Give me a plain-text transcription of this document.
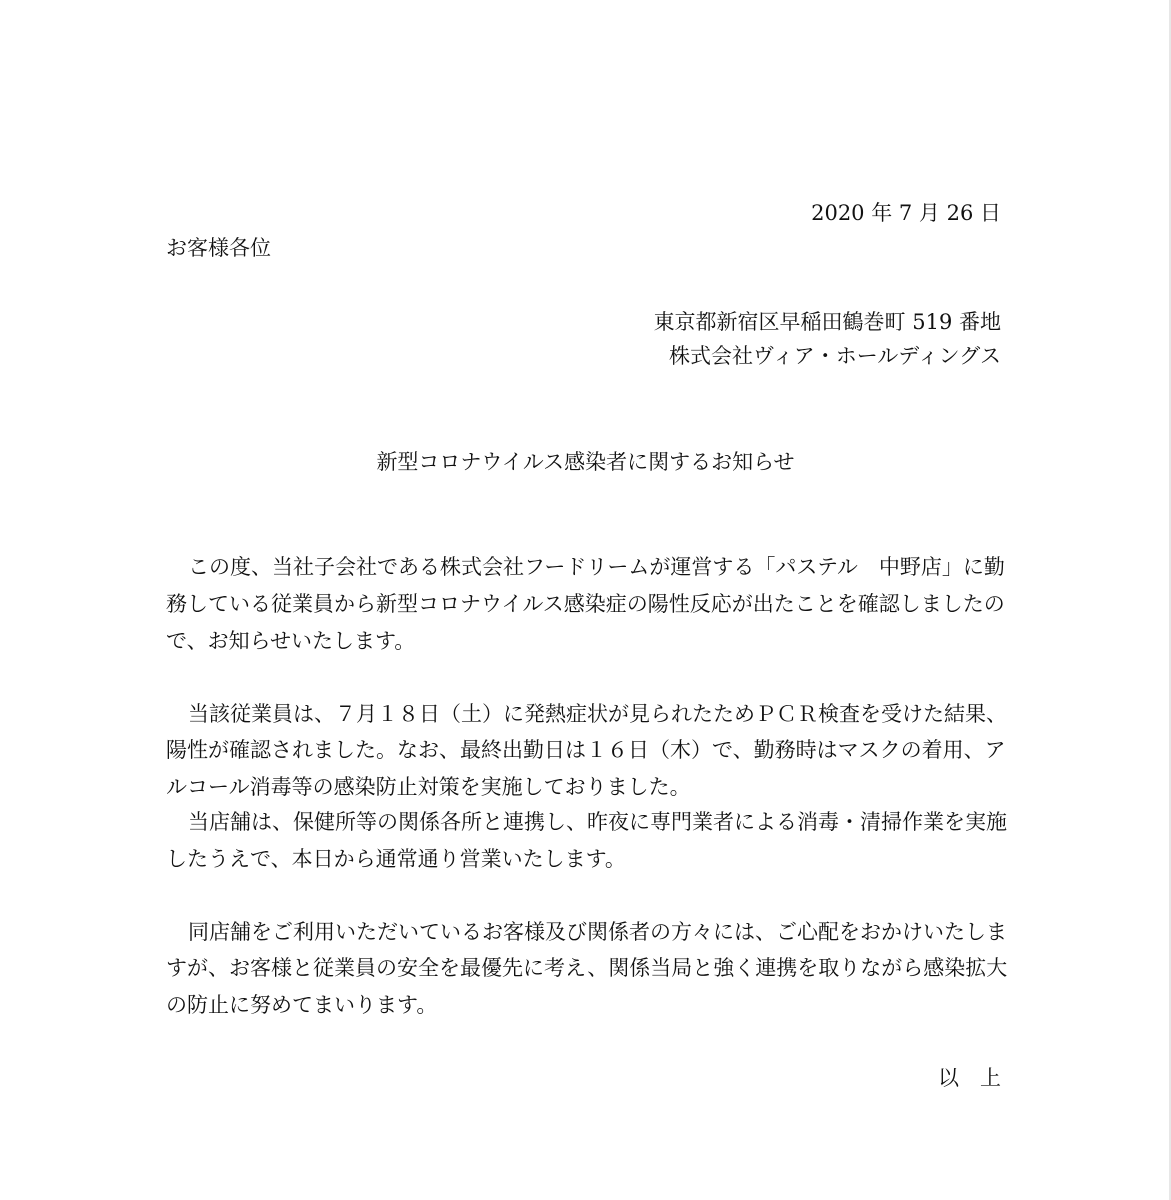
2020 年 7 月 26 日
お客様各位
東京都新宿区早稲田鶴巻町 519 番地
株式会社ヴィア・ホールディングス
新型コロナウイルス感染者に関するお知らせ
この度、当社子会社である株式会社フードリームが運営する「パステル　中野店」に勤
務している従業員から新型コロナウイルス感染症の陽性反応が出たことを確認しましたの
で、お知らせいたします。
当該従業員は、７月１８日（土）に発熱症状が見られたためＰＣＲ検査を受けた結果、
陽性が確認されました。なお、最終出勤日は１６日（木）で、勤務時はマスクの着用、ア
ルコール消毒等の感染防止対策を実施しておりました。
当店舗は、保健所等の関係各所と連携し、昨夜に専門業者による消毒・清掃作業を実施
したうえで、本日から通常通り営業いたします。
同店舗をご利用いただいているお客様及び関係者の方々には、ご心配をおかけいたしま
すが、お客様と従業員の安全を最優先に考え、関係当局と強く連携を取りながら感染拡大
の防止に努めてまいります。
以　上
